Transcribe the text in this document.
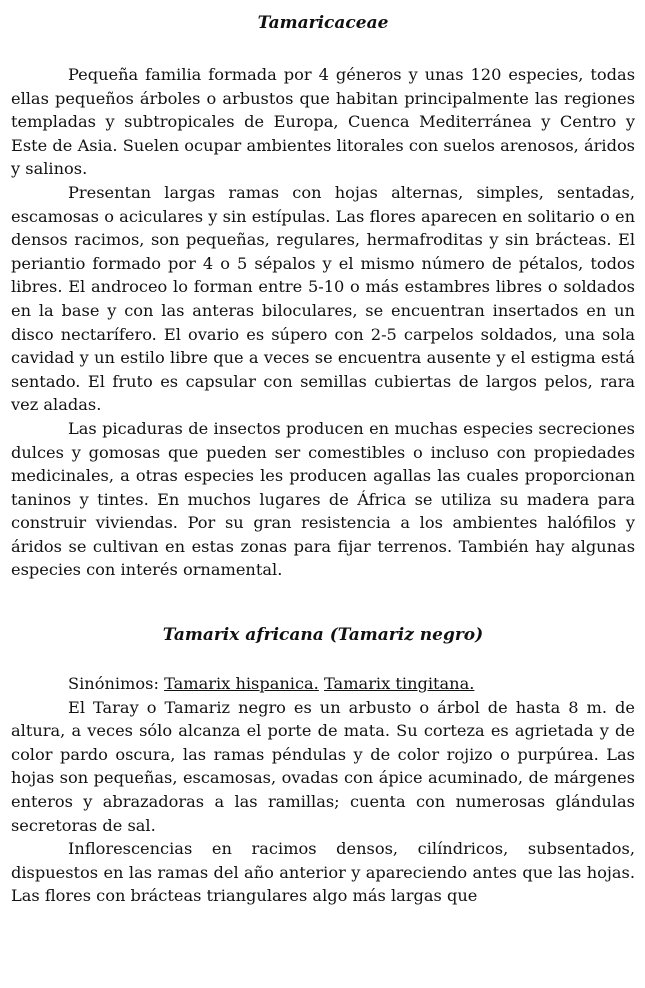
Tamaricaceae

Pequeña familia formada por 4 géneros y unas 120 especies, todas ellas pequeños árboles o arbustos que habitan principalmente las regiones templadas y subtropicales de Europa, Cuenca Mediterránea y Centro y Este de Asia. Suelen ocupar ambientes litorales con suelos arenosos, áridos y salinos.

Presentan largas ramas con hojas alternas, simples, sentadas, escamosas o aciculares y sin estípulas. Las flores aparecen en solitario o en densos racimos, son pequeñas, regulares, hermafroditas y sin brácteas. El periantio formado por 4 o 5 sépalos y el mismo número de pétalos, todos libres. El androceo lo forman entre 5-10 o más estambres libres o soldados en la base y con las anteras biloculares, se encuentran insertados en un disco nectarífero. El ovario es súpero con 2-5 carpelos soldados, una sola cavidad y un estilo libre que a veces se encuentra ausente y el estigma está sentado. El fruto es capsular con semillas cubiertas de largos pelos, rara vez aladas.

Las picaduras de insectos producen en muchas especies secreciones dulces y gomosas que pueden ser comestibles o incluso con propiedades medicinales, a otras especies les producen agallas las cuales proporcionan taninos y tintes. En muchos lugares de África se utiliza su madera para construir viviendas. Por su gran resistencia a los ambientes halófilos y áridos se cultivan en estas zonas para fijar terrenos. También hay algunas especies con interés ornamental.

Tamarix africana (Tamariz negro)

Sinónimos: Tamarix hispanica. Tamarix tingitana.

El Taray o Tamariz negro es un arbusto o árbol de hasta 8 m. de altura, a veces sólo alcanza el porte de mata. Su corteza es agrietada y de color pardo oscura, las ramas péndulas y de color rojizo o purpúrea. Las hojas son pequeñas, escamosas, ovadas con ápice acuminado, de márgenes enteros y abrazadoras a las ramillas; cuenta con numerosas glándulas secretoras de sal.

Inflorescencias en racimos densos, cilíndricos, subsentados, dispuestos en las ramas del año anterior y apareciendo antes que las hojas. Las flores con brácteas triangulares algo más largas que
